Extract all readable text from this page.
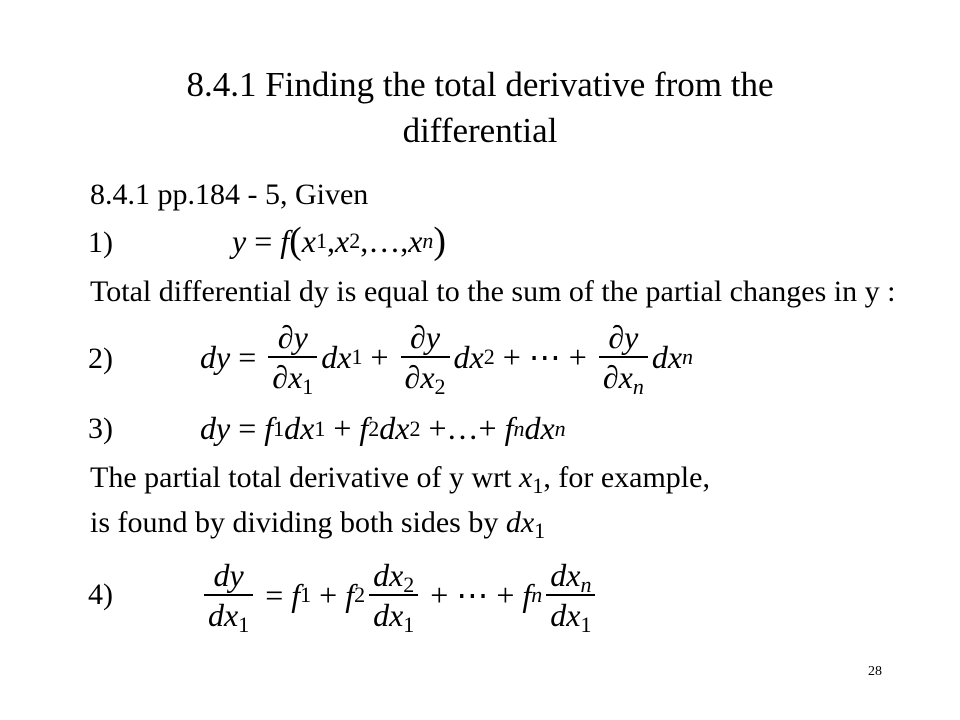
8.4.1 Finding the total derivative from the
differential
8.4.1 pp.184 - 5, Given
1)	y = f ( x 1 , x 2 ,…, x n )
Total differential dy is equal to the sum of the partial changes in y :
2)	dy = $\frac{\partial y}{\partial x_1}$ dx $1 + \frac{\partial y}{\partial x_2}$ dx 2 + ⋯ + $\frac{\partial y}{\partial x_n}$ dx n
3)	dy = f 1 dx 1 + f 2 dx 2 +…+ f n dx n
The partial total derivative of y wrt $x_1$, for example,
is found by dividing both sides by $dx_1$
4)	$\frac{dy}{dx_1} = f$ 1 + f $2 \frac{dx_2}{dx_1}$ + ⋯ + f n $\frac{dx_n}{dx_1}$
28
